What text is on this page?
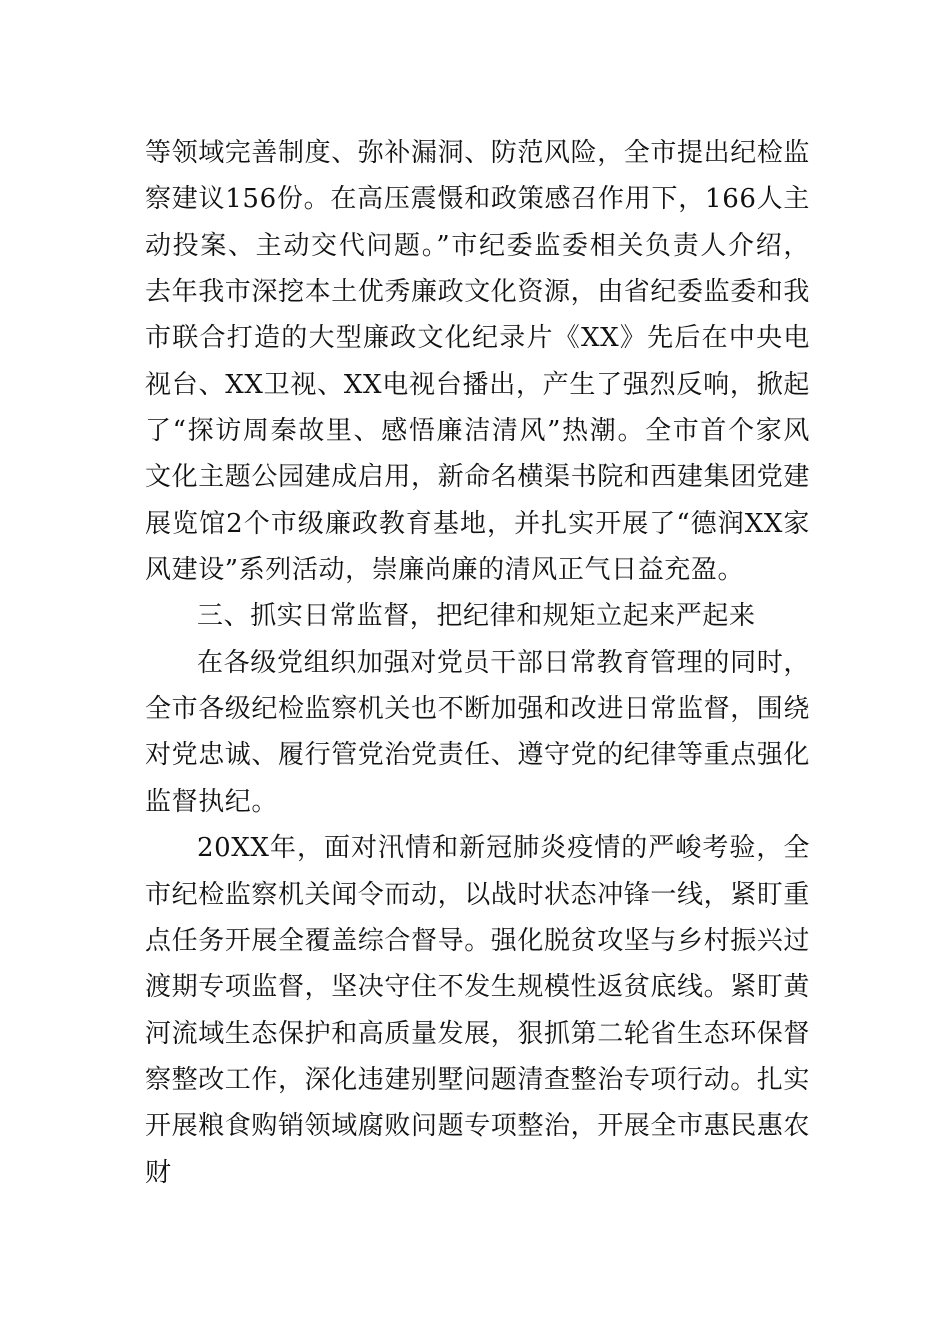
等领域完善制度、弥补漏洞、防范风险，全市提出纪检监察建议156份。在高压震慑和政策感召作用下，166人主动投案、主动交代问题。”市纪委监委相关负责人介绍，去年我市深挖本土优秀廉政文化资源，由省纪委监委和我市联合打造的大型廉政文化纪录片《XX》先后在中央电视台、XX卫视、XX电视台播出，产生了强烈反响，掀起了“探访周秦故里、感悟廉洁清风”热潮。全市首个家风文化主题公园建成启用，新命名横渠书院和西建集团党建展览馆2个市级廉政教育基地，并扎实开展了“德润XX家风建设”系列活动，崇廉尚廉的清风正气日益充盈。

三、抓实日常监督，把纪律和规矩立起来严起来

在各级党组织加强对党员干部日常教育管理的同时，全市各级纪检监察机关也不断加强和改进日常监督，围绕对党忠诚、履行管党治党责任、遵守党的纪律等重点强化监督执纪。

20XX年，面对汛情和新冠肺炎疫情的严峻考验，全市纪检监察机关闻令而动，以战时状态冲锋一线，紧盯重点任务开展全覆盖综合督导。强化脱贫攻坚与乡村振兴过渡期专项监督，坚决守住不发生规模性返贫底线。紧盯黄河流域生态保护和高质量发展，狠抓第二轮省生态环保督察整改工作，深化违建别墅问题清查整治专项行动。扎实开展粮食购销领域腐败问题专项整治，开展全市惠民惠农财
